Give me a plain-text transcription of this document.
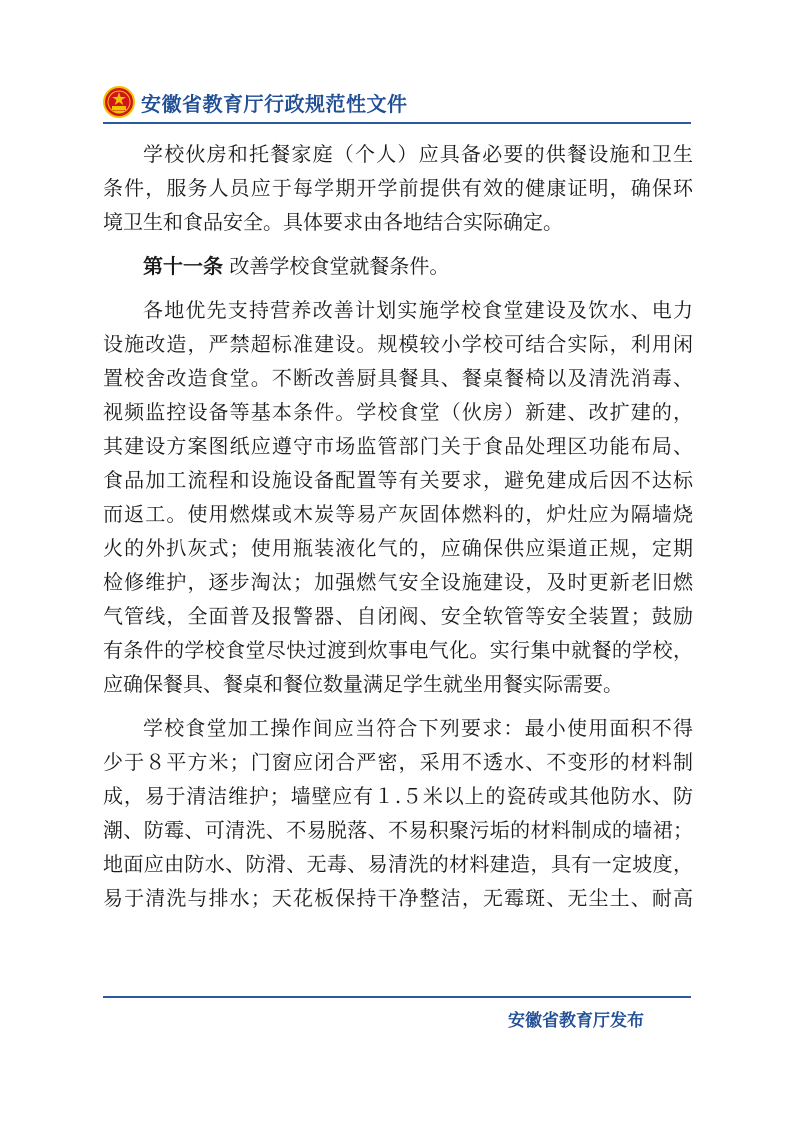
安徽省教育厅行政规范性文件
学校伙房和托餐家庭（个人）应具备必要的供餐设施和卫生
条件，服务人员应于每学期开学前提供有效的健康证明，确保环
境卫生和食品安全。具体要求由各地结合实际确定。
第十一条 改善学校食堂就餐条件。
各地优先支持营养改善计划实施学校食堂建设及饮水、电力
设施改造，严禁超标准建设。规模较小学校可结合实际，利用闲
置校舍改造食堂。不断改善厨具餐具、餐桌餐椅以及清洗消毒、
视频监控设备等基本条件。学校食堂（伙房）新建、改扩建的，
其建设方案图纸应遵守市场监管部门关于食品处理区功能布局、
食品加工流程和设施设备配置等有关要求，避免建成后因不达标
而返工。使用燃煤或木炭等易产灰固体燃料的，炉灶应为隔墙烧
火的外扒灰式；使用瓶装液化气的，应确保供应渠道正规，定期
检修维护，逐步淘汰；加强燃气安全设施建设，及时更新老旧燃
气管线，全面普及报警器、自闭阀、安全软管等安全装置；鼓励
有条件的学校食堂尽快过渡到炊事电气化。实行集中就餐的学校，
应确保餐具、餐桌和餐位数量满足学生就坐用餐实际需要。
学校食堂加工操作间应当符合下列要求：最小使用面积不得
少于８平方米；门窗应闭合严密，采用不透水、不变形的材料制
成，易于清洁维护；墙壁应有１.５米以上的瓷砖或其他防水、防
潮、防霉、可清洗、不易脱落、不易积聚污垢的材料制成的墙裙；
地面应由防水、防滑、无毒、易清洗的材料建造，具有一定坡度，
易于清洗与排水；天花板保持干净整洁，无霉斑、无尘土、耐高
安徽省教育厅发布
